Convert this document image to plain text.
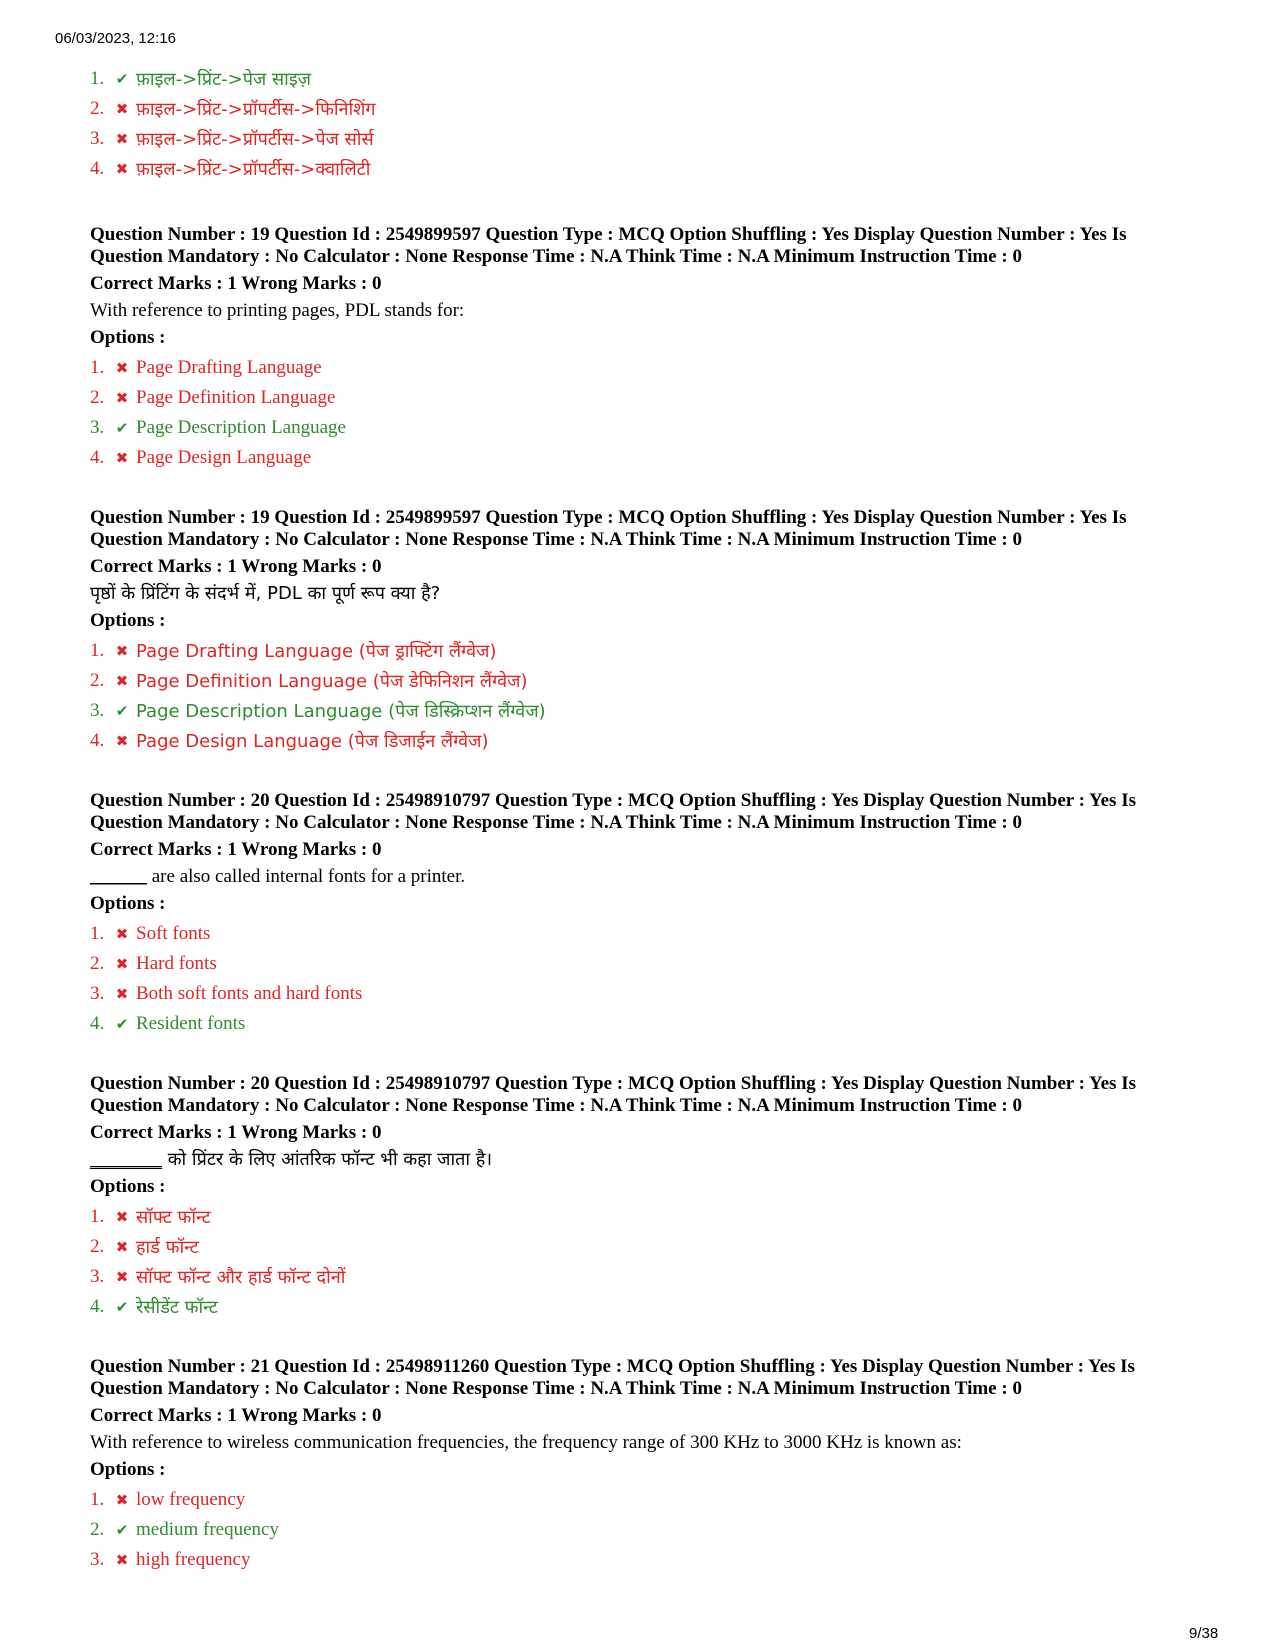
06/03/2023, 12:16
1. ✔ फ़ाइल->प्रिंट->पेज साइज़
2. ✖ फ़ाइल->प्रिंट->प्रॉपर्टीस->फिनिशिंग
3. ✖ फ़ाइल->प्रिंट->प्रॉपर्टीस->पेज सोर्स
4. ✖ फ़ाइल->प्रिंट->प्रॉपर्टीस->क्वालिटी
Question Number : 19 Question Id : 2549899597 Question Type : MCQ Option Shuffling : Yes Display Question Number : Yes Is
Question Mandatory : No Calculator : None Response Time : N.A Think Time : N.A Minimum Instruction Time : 0
Correct Marks : 1 Wrong Marks : 0
With reference to printing pages, PDL stands for:
Options :
1. ✖ Page Drafting Language
2. ✖ Page Definition Language
3. ✔ Page Description Language
4. ✖ Page Design Language
Question Number : 19 Question Id : 2549899597 Question Type : MCQ Option Shuffling : Yes Display Question Number : Yes Is
Question Mandatory : No Calculator : None Response Time : N.A Think Time : N.A Minimum Instruction Time : 0
Correct Marks : 1 Wrong Marks : 0
पृष्ठों के प्रिंटिंग के संदर्भ में, PDL का पूर्ण रूप क्या है?
Options :
1. ✖ Page Drafting Language (पेज ड्राफ्टिंग लैंग्वेज)
2. ✖ Page Definition Language (पेज डेफिनिशन लैंग्वेज)
3. ✔ Page Description Language (पेज डिस्क्रिप्शन लैंग्वेज)
4. ✖ Page Design Language (पेज डिजाईन लैंग्वेज)
Question Number : 20 Question Id : 25498910797 Question Type : MCQ Option Shuffling : Yes Display Question Number : Yes Is
Question Mandatory : No Calculator : None Response Time : N.A Think Time : N.A Minimum Instruction Time : 0
Correct Marks : 1 Wrong Marks : 0
______ are also called internal fonts for a printer.
Options :
1. ✖ Soft fonts
2. ✖ Hard fonts
3. ✖ Both soft fonts and hard fonts
4. ✔ Resident fonts
Question Number : 20 Question Id : 25498910797 Question Type : MCQ Option Shuffling : Yes Display Question Number : Yes Is
Question Mandatory : No Calculator : None Response Time : N.A Think Time : N.A Minimum Instruction Time : 0
Correct Marks : 1 Wrong Marks : 0
________ को प्रिंटर के लिए आंतरिक फॉन्ट भी कहा जाता है।
Options :
1. ✖ सॉफ्ट फॉन्ट
2. ✖ हार्ड फॉन्ट
3. ✖ सॉफ्ट फॉन्ट और हार्ड फॉन्ट दोनों
4. ✔ रेसीडेंट फॉन्ट
Question Number : 21 Question Id : 25498911260 Question Type : MCQ Option Shuffling : Yes Display Question Number : Yes Is
Question Mandatory : No Calculator : None Response Time : N.A Think Time : N.A Minimum Instruction Time : 0
Correct Marks : 1 Wrong Marks : 0
With reference to wireless communication frequencies, the frequency range of 300 KHz to 3000 KHz is known as:
Options :
1. ✖ low frequency
2. ✔ medium frequency
3. ✖ high frequency
9/38
